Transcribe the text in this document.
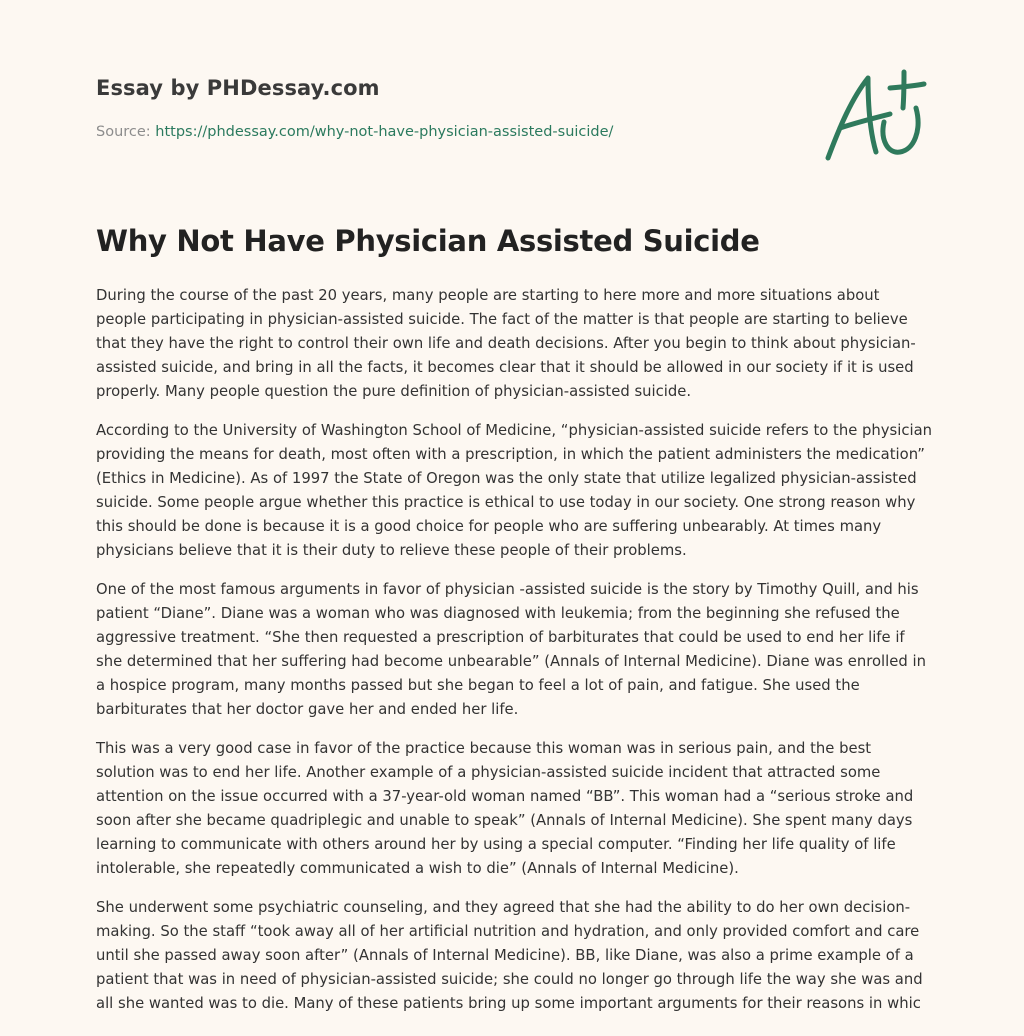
Essay by PHDessay.com
Source: https://phdessay.com/why-not-have-physician-assisted-suicide/
Why Not Have Physician Assisted Suicide

During the course of the past 20 years, many people are starting to here more and more situations about people participating in physician-assisted suicide. The fact of the matter is that people are starting to believe that they have the right to control their own life and death decisions. After you begin to think about physician-assisted suicide, and bring in all the facts, it becomes clear that it should be allowed in our society if it is used properly. Many people question the pure definition of physician-assisted suicide.

According to the University of Washington School of Medicine, “physician-assisted suicide refers to the physician providing the means for death, most often with a prescription, in which the patient administers the medication” (Ethics in Medicine). As of 1997 the State of Oregon was the only state that utilize legalized physician-assisted suicide. Some people argue whether this practice is ethical to use today in our society. One strong reason why this should be done is because it is a good choice for people who are suffering unbearably. At times many physicians believe that it is their duty to relieve these people of their problems.

One of the most famous arguments in favor of physician -assisted suicide is the story by Timothy Quill, and his patient “Diane”. Diane was a woman who was diagnosed with leukemia; from the beginning she refused the aggressive treatment. “She then requested a prescription of barbiturates that could be used to end her life if she determined that her suffering had become unbearable” (Annals of Internal Medicine). Diane was enrolled in a hospice program, many months passed but she began to feel a lot of pain, and fatigue. She used the barbiturates that her doctor gave her and ended her life.

This was a very good case in favor of the practice because this woman was in serious pain, and the best solution was to end her life. Another example of a physician-assisted suicide incident that attracted some attention on the issue occurred with a 37-year-old woman named “BB”. This woman had a “serious stroke and soon after she became quadriplegic and unable to speak” (Annals of Internal Medicine). She spent many days learning to communicate with others around her by using a special computer. “Finding her life quality of life intolerable, she repeatedly communicated a wish to die” (Annals of Internal Medicine).

She underwent some psychiatric counseling, and they agreed that she had the ability to do her own decision-making. So the staff “took away all of her artificial nutrition and hydration, and only provided comfort and care until she passed away soon after” (Annals of Internal Medicine). BB, like Diane, was also a prime example of a patient that was in need of physician-assisted suicide; she could no longer go through life the way she was and all she wanted was to die. Many of these patients bring up some important arguments for their reasons in whic
